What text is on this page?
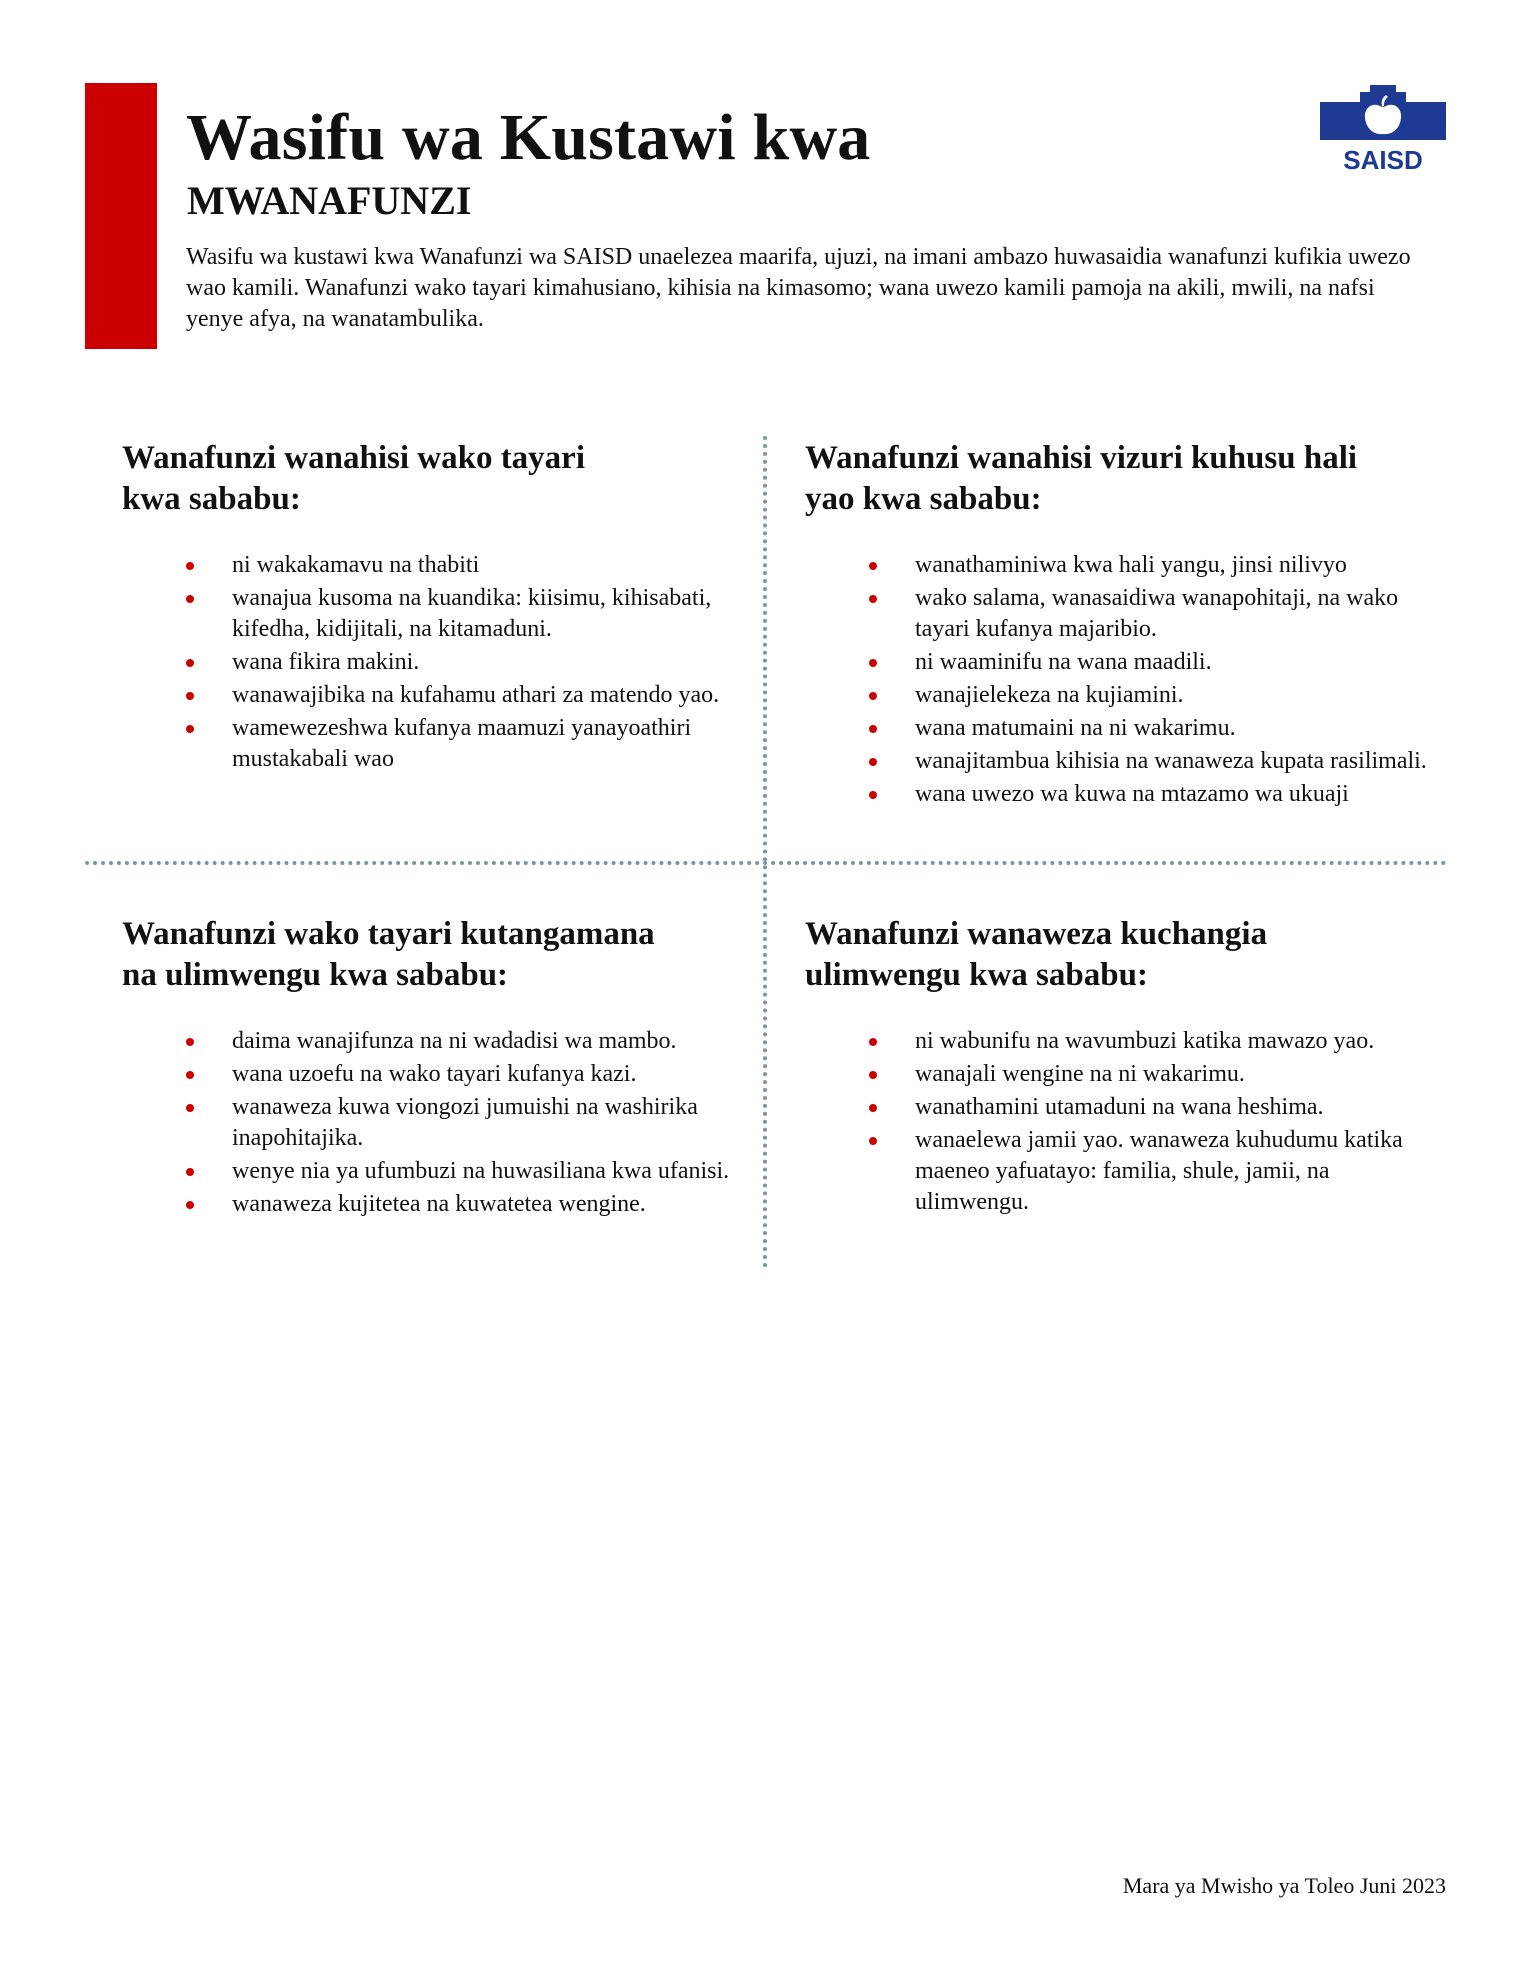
Wasifu wa Kustawi kwa
MWANAFUNZI

Wasifu wa kustawi kwa Wanafunzi wa SAISD unaelezea maarifa, ujuzi, na imani ambazo huwasaidia wanafunzi kufikia uwezo wao kamili. Wanafunzi wako tayari kimahusiano, kihisia na kimasomo; wana uwezo kamili pamoja na akili, mwili, na nafsi yenye afya, na wanatambulika.

SAISD
Wanafunzi wanahisi wako tayari
kwa sababu:
ni wakakamavu na thabiti
wanajua kusoma na kuandika: kiisimu, kihisabati, kifedha, kidijitali, na kitamaduni.
wana fikira makini.
wanawajibika na kufahamu athari za matendo yao.
wamewezeshwa kufanya maamuzi yanayoathiri mustakabali wao
Wanafunzi wanahisi vizuri kuhusu hali
yao kwa sababu:
wanathaminiwa kwa hali yangu, jinsi nilivyo
wako salama, wanasaidiwa wanapohitaji, na wako tayari kufanya majaribio.
ni waaminifu na wana maadili.
wanajielekeza na kujiamini.
wana matumaini na ni wakarimu.
wanajitambua kihisia na wanaweza kupata rasilimali.
wana uwezo wa kuwa na mtazamo wa ukuaji
Wanafunzi wako tayari kutangamana
na ulimwengu kwa sababu:
daima wanajifunza na ni wadadisi wa mambo.
wana uzoefu na wako tayari kufanya kazi.
wanaweza kuwa viongozi jumuishi na washirika inapohitajika.
wenye nia ya ufumbuzi na huwasiliana kwa ufanisi.
wanaweza kujitetea na kuwatetea wengine.
Wanafunzi wanaweza kuchangia
ulimwengu kwa sababu:
ni wabunifu na wavumbuzi katika mawazo yao.
wanajali wengine na ni wakarimu.
wanathamini utamaduni na wana heshima.
wanaelewa jamii yao. wanaweza kuhudumu katika maeneo yafuatayo: familia, shule, jamii, na ulimwengu.
Mara ya Mwisho ya Toleo Juni 2023
